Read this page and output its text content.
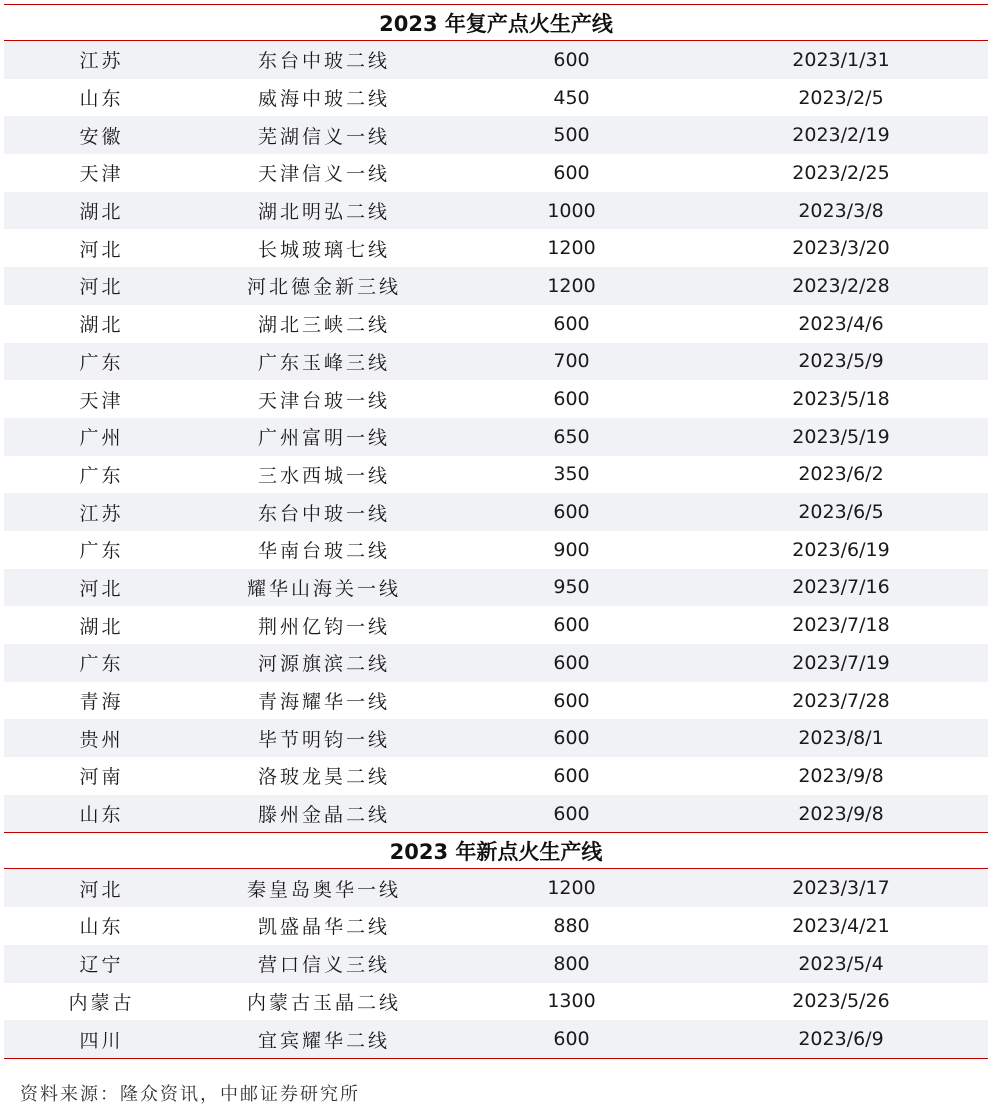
2023 年复产点火生产线
江苏	东台中玻二线	600	2023/1/31
山东	威海中玻二线	450	2023/2/5
安徽	芜湖信义一线	500	2023/2/19
天津	天津信义一线	600	2023/2/25
湖北	湖北明弘二线	1000	2023/3/8
河北	长城玻璃七线	1200	2023/3/20
河北	河北德金新三线	1200	2023/2/28
湖北	湖北三峡二线	600	2023/4/6
广东	广东玉峰三线	700	2023/5/9
天津	天津台玻一线	600	2023/5/18
广州	广州富明一线	650	2023/5/19
广东	三水西城一线	350	2023/6/2
江苏	东台中玻一线	600	2023/6/5
广东	华南台玻二线	900	2023/6/19
河北	耀华山海关一线	950	2023/7/16
湖北	荆州亿钧一线	600	2023/7/18
广东	河源旗滨二线	600	2023/7/19
青海	青海耀华一线	600	2023/7/28
贵州	毕节明钧一线	600	2023/8/1
河南	洛玻龙昊二线	600	2023/9/8
山东	滕州金晶二线	600	2023/9/8
2023 年新点火生产线
河北	秦皇岛奥华一线	1200	2023/3/17
山东	凯盛晶华二线	880	2023/4/21
辽宁	营口信义三线	800	2023/5/4
内蒙古	内蒙古玉晶二线	1300	2023/5/26
四川	宜宾耀华二线	600	2023/6/9
资料来源：隆众资讯，中邮证券研究所
